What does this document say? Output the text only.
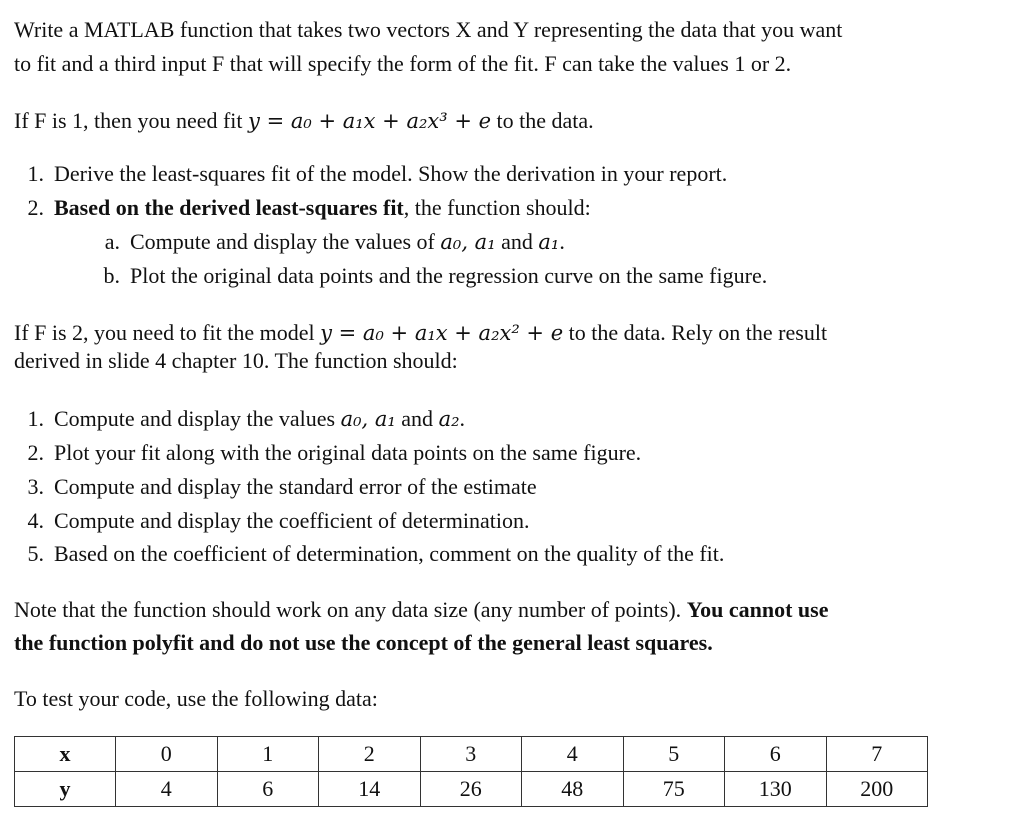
Write a MATLAB function that takes two vectors X and Y representing the data that you want
to fit and a third input F that will specify the form of the fit. F can take the values 1 or 2.
If F is 1, then you need fit y = a₀ + a₁x + a₂x³ + e to the data.
1. Derive the least-squares fit of the model. Show the derivation in your report.
2. Based on the derived least-squares fit, the function should:
a. Compute and display the values of a₀, a₁ and a₁.
b. Plot the original data points and the regression curve on the same figure.
If F is 2, you need to fit the model y = a₀ + a₁x + a₂x² + e to the data. Rely on the result
derived in slide 4 chapter 10. The function should:
1. Compute and display the values a₀, a₁ and a₂.
2. Plot your fit along with the original data points on the same figure.
3. Compute and display the standard error of the estimate
4. Compute and display the coefficient of determination.
5. Based on the coefficient of determination, comment on the quality of the fit.
Note that the function should work on any data size (any number of points). You cannot use
the function polyfit and do not use the concept of the general least squares.
To test your code, use the following data:
x	0	1	2	3	4	5	6	7
y	4	6	14	26	48	75	130	200
